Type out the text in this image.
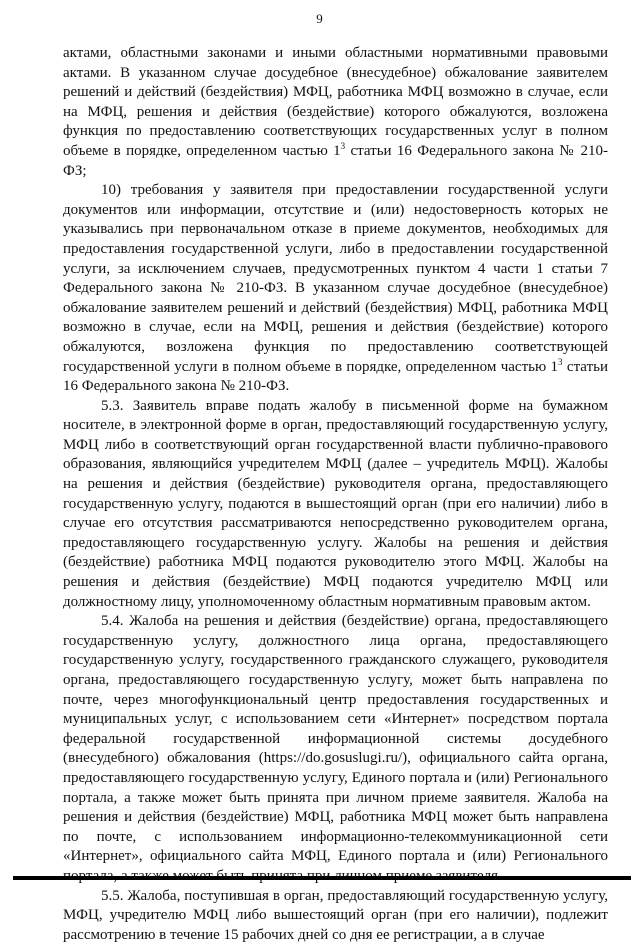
9

актами, областными законами и иными областными нормативными правовыми актами. В указанном случае досудебное (внесудебное) обжалование заявителем решений и действий (бездействия) МФЦ, работника МФЦ возможно в случае, если на МФЦ, решения и действия (бездействие) которого обжалуются, возложена функция по предоставлению соответствующих государственных услуг в полном объеме в порядке, определенном частью $1^3$ статьи 16 Федерального закона № 210-ФЗ;

10) требования у заявителя при предоставлении государственной услуги документов или информации, отсутствие и (или) недостоверность которых не указывались при первоначальном отказе в приеме документов, необходимых для предоставления государственной услуги, либо в предоставлении государственной услуги, за исключением случаев, предусмотренных пунктом 4 части 1 статьи 7 Федерального закона № 210-ФЗ. В указанном случае досудебное (внесудебное) обжалование заявителем решений и действий (бездействия) МФЦ, работника МФЦ возможно в случае, если на МФЦ, решения и действия (бездействие) которого обжалуются, возложена функция по предоставлению соответствующей государственной услуги в полном объеме в порядке, определенном частью $1^3$ статьи 16 Федерального закона № 210-ФЗ.

5.3. Заявитель вправе подать жалобу в письменной форме на бумажном носителе, в электронной форме в орган, предоставляющий государственную услугу, МФЦ либо в соответствующий орган государственной власти публично-правового образования, являющийся учредителем МФЦ (далее – учредитель МФЦ). Жалобы на решения и действия (бездействие) руководителя органа, предоставляющего государственную услугу, подаются в вышестоящий орган (при его наличии) либо в случае его отсутствия рассматриваются непосредственно руководителем органа, предоставляющего государственную услугу. Жалобы на решения и действия (бездействие) работника МФЦ подаются руководителю этого МФЦ. Жалобы на решения и действия (бездействие) МФЦ подаются учредителю МФЦ или должностному лицу, уполномоченному областным нормативным правовым актом.

5.4. Жалоба на решения и действия (бездействие) органа, предоставляющего государственную услугу, должностного лица органа, предоставляющего государственную услугу, государственного гражданского служащего, руководителя органа, предоставляющего государственную услугу, может быть направлена по почте, через многофункциональный центр предоставления государственных и муниципальных услуг, с использованием сети «Интернет» посредством портала федеральной государственной информационной системы досудебного (внесудебного) обжалования (https://do.gosuslugi.ru/), официального сайта органа, предоставляющего государственную услугу, Единого портала и (или) Регионального портала, а также может быть принята при личном приеме заявителя. Жалоба на решения и действия (бездействие) МФЦ, работника МФЦ может быть направлена по почте, с использованием информационно-телекоммуникационной сети «Интернет», официального сайта МФЦ, Единого портала и (или) Регионального

5.5. Жалоба, поступившая в орган, предоставляющий государственную услугу, МФЦ, учредителю МФЦ либо вышестоящий орган (при его наличии), подлежит рассмотрению в течение 15 рабочих дней со дня ее регистрации, а в случае
